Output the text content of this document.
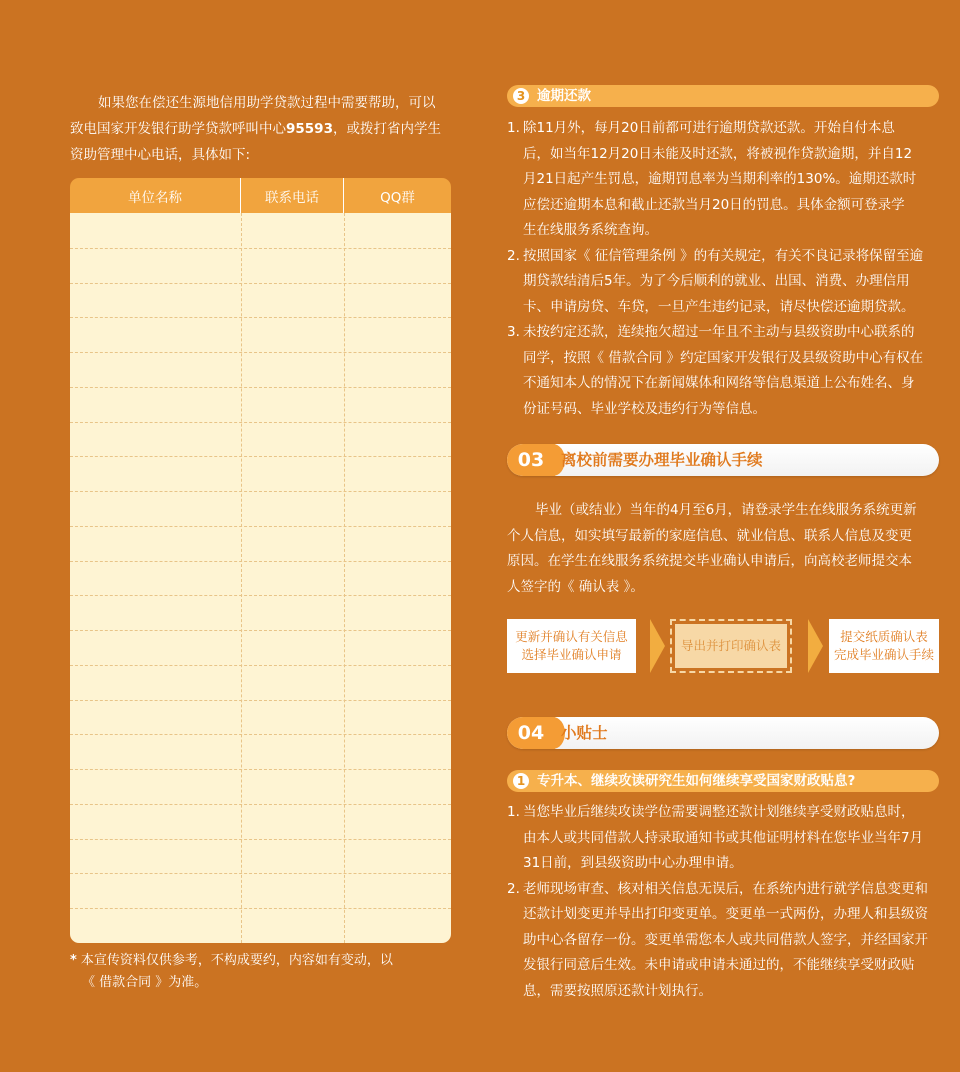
如果您在偿还生源地信用助学贷款过程中需要帮助，可以
致电国家开发银行助学贷款呼叫中心95593，或拨打省内学生
资助管理中心电话，具体如下:
单位名称	联系电话	QQ群
* 本宣传资料仅供参考，不构成要约，内容如有变动，以
《 借款合同 》为准。
3 逾期还款
1. 除11月外，每月20日前都可进行逾期贷款还款。开始自付本息
后，如当年12月20日未能及时还款，将被视作贷款逾期，并自12
月21日起产生罚息，逾期罚息率为当期利率的130%。逾期还款时
应偿还逾期本息和截止还款当月20日的罚息。具体金额可登录学
生在线服务系统查询。
2. 按照国家《 征信管理条例 》的有关规定，有关不良记录将保留至逾
期贷款结清后5年。为了今后顺利的就业、出国、消费、办理信用
卡、申请房贷、车贷，一旦产生违约记录，请尽快偿还逾期贷款。
3. 未按约定还款，连续拖欠超过一年且不主动与县级资助中心联系的
同学，按照《 借款合同 》约定国家开发银行及县级资助中心有权在
不通知本人的情况下在新闻媒体和网络等信息渠道上公布姓名、身
份证号码、毕业学校及违约行为等信息。
03	离校前需要办理毕业确认手续
毕业（或结业）当年的4月至6月，请登录学生在线服务系统更新
个人信息，如实填写最新的家庭信息、就业信息、联系人信息及变更
原因。在学生在线服务系统提交毕业确认申请后，向高校老师提交本
人签字的《 确认表 》。
更新并确认有关信息
选择毕业确认申请
导出并打印确认表
提交纸质确认表
完成毕业确认手续
04	小贴士
1 专升本、继续攻读研究生如何继续享受国家财政贴息?
1. 当您毕业后继续攻读学位需要调整还款计划继续享受财政贴息时，
由本人或共同借款人持录取通知书或其他证明材料在您毕业当年7月
31日前，到县级资助中心办理申请。
2. 老师现场审查、核对相关信息无误后，在系统内进行就学信息变更和
还款计划变更并导出打印变更单。变更单一式两份，办理人和县级资
助中心各留存一份。变更单需您本人或共同借款人签字，并经国家开
发银行同意后生效。未申请或申请未通过的，不能继续享受财政贴
息，需要按照原还款计划执行。
